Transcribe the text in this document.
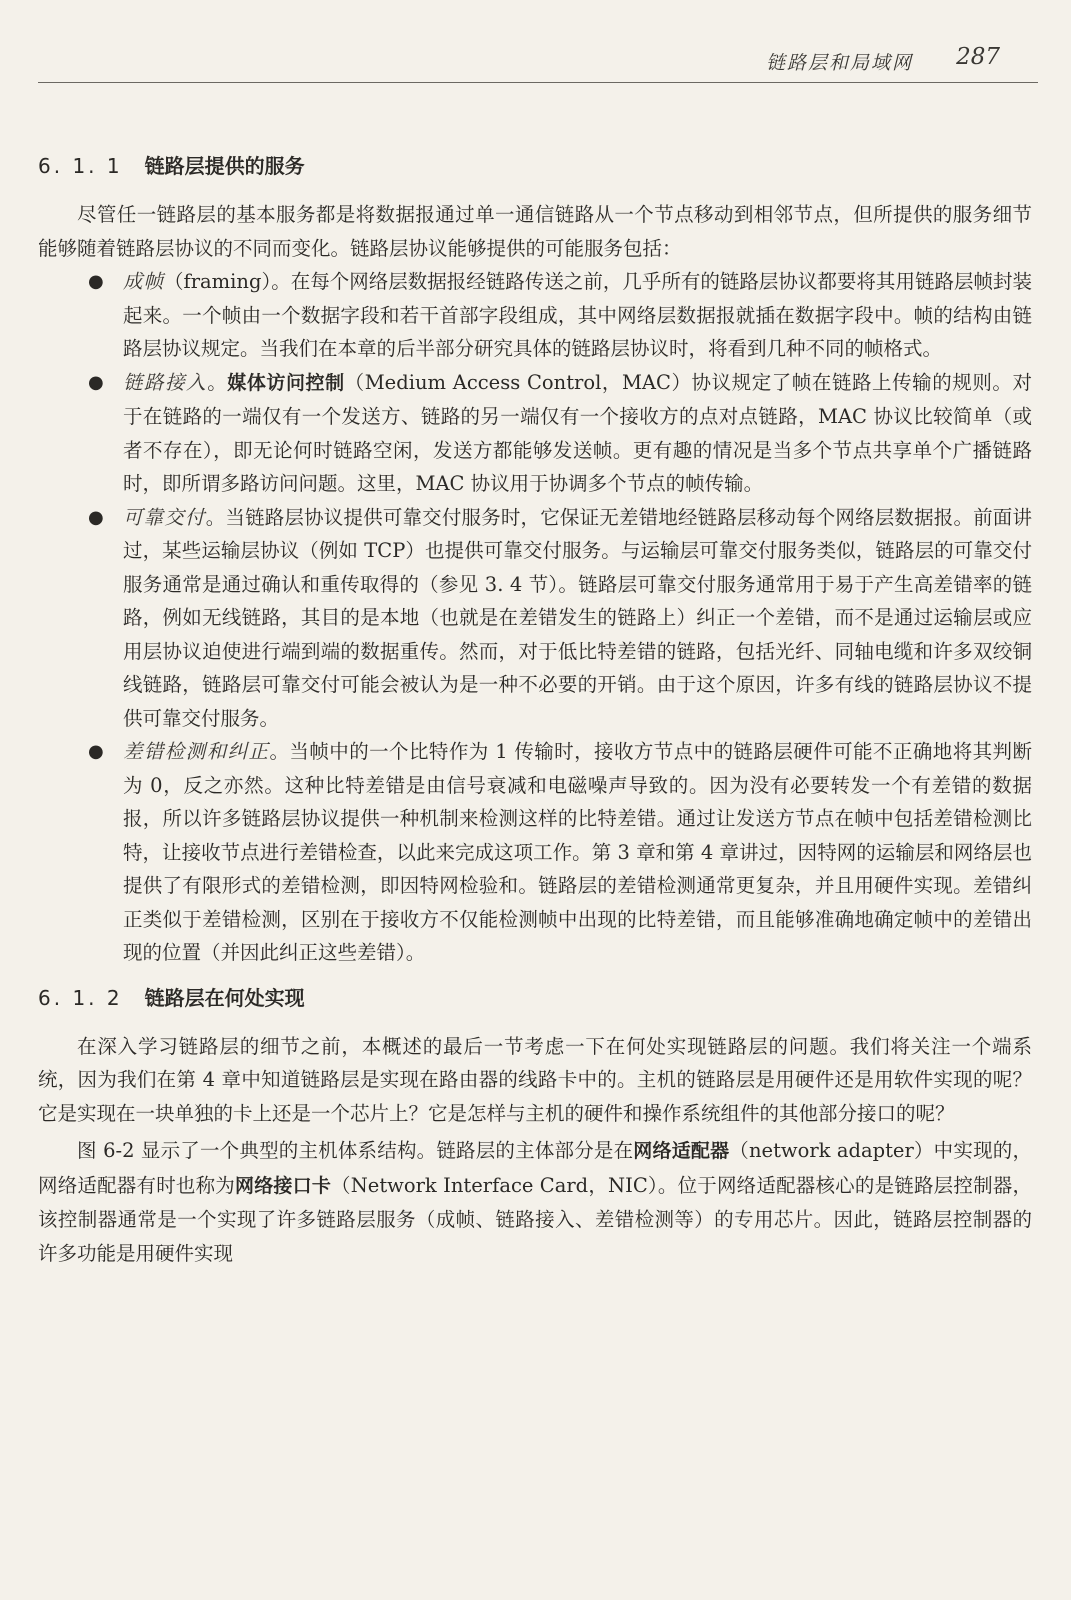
链路层和局域网 287
6. 1. 1 链路层提供的服务

尽管任一链路层的基本服务都是将数据报通过单一通信链路从一个节点移动到相邻节点，但所提供的服务细节能够随着链路层协议的不同而变化。链路层协议能够提供的可能服务包括：

● 成帧（framing）。在每个网络层数据报经链路传送之前，几乎所有的链路层协议都要将其用链路层帧封装起来。一个帧由一个数据字段和若干首部字段组成，其中网络层数据报就插在数据字段中。帧的结构由链路层协议规定。当我们在本章的后半部分研究具体的链路层协议时，将看到几种不同的帧格式。
● 链路接入。媒体访问控制（Medium Access Control，MAC）协议规定了帧在链路上传输的规则。对于在链路的一端仅有一个发送方、链路的另一端仅有一个接收方的点对点链路，MAC 协议比较简单（或者不存在），即无论何时链路空闲，发送方都能够发送帧。更有趣的情况是当多个节点共享单个广播链路时，即所谓多路访问问题。这里，MAC 协议用于协调多个节点的帧传输。
● 可靠交付。当链路层协议提供可靠交付服务时，它保证无差错地经链路层移动每个网络层数据报。前面讲过，某些运输层协议（例如 TCP）也提供可靠交付服务。与运输层可靠交付服务类似，链路层的可靠交付服务通常是通过确认和重传取得的（参见 3. 4 节）。链路层可靠交付服务通常用于易于产生高差错率的链路，例如无线链路，其目的是本地（也就是在差错发生的链路上）纠正一个差错，而不是通过运输层或应用层协议迫使进行端到端的数据重传。然而，对于低比特差错的链路，包括光纤、同轴电缆和许多双绞铜线链路，链路层可靠交付可能会被认为是一种不必要的开销。由于这个原因，许多有线的链路层协议不提供可靠交付服务。
● 差错检测和纠正。当帧中的一个比特作为 1 传输时，接收方节点中的链路层硬件可能不正确地将其判断为 0，反之亦然。这种比特差错是由信号衰减和电磁噪声导致的。因为没有必要转发一个有差错的数据报，所以许多链路层协议提供一种机制来检测这样的比特差错。通过让发送方节点在帧中包括差错检测比特，让接收节点进行差错检查，以此来完成这项工作。第 3 章和第 4 章讲过，因特网的运输层和网络层也提供了有限形式的差错检测，即因特网检验和。链路层的差错检测通常更复杂，并且用硬件实现。差错纠正类似于差错检测，区别在于接收方不仅能检测帧中出现的比特差错，而且能够准确地确定帧中的差错出现的位置（并因此纠正这些差错）。
6. 1. 2 链路层在何处实现

在深入学习链路层的细节之前，本概述的最后一节考虑一下在何处实现链路层的问题。我们将关注一个端系统，因为我们在第 4 章中知道链路层是实现在路由器的线路卡中的。主机的链路层是用硬件还是用软件实现的呢？它是实现在一块单独的卡上还是一个芯片上？它是怎样与主机的硬件和操作系统组件的其他部分接口的呢？

图 6-2 显示了一个典型的主机体系结构。链路层的主体部分是在网络适配器（network adapter）中实现的，网络适配器有时也称为网络接口卡（Network Interface Card，NIC）。位于网络适配器核心的是链路层控制器，该控制器通常是一个实现了许多链路层服务（成帧、链路接入、差错检测等）的专用芯片。因此，链路层控制器的许多功能是用硬件实现
